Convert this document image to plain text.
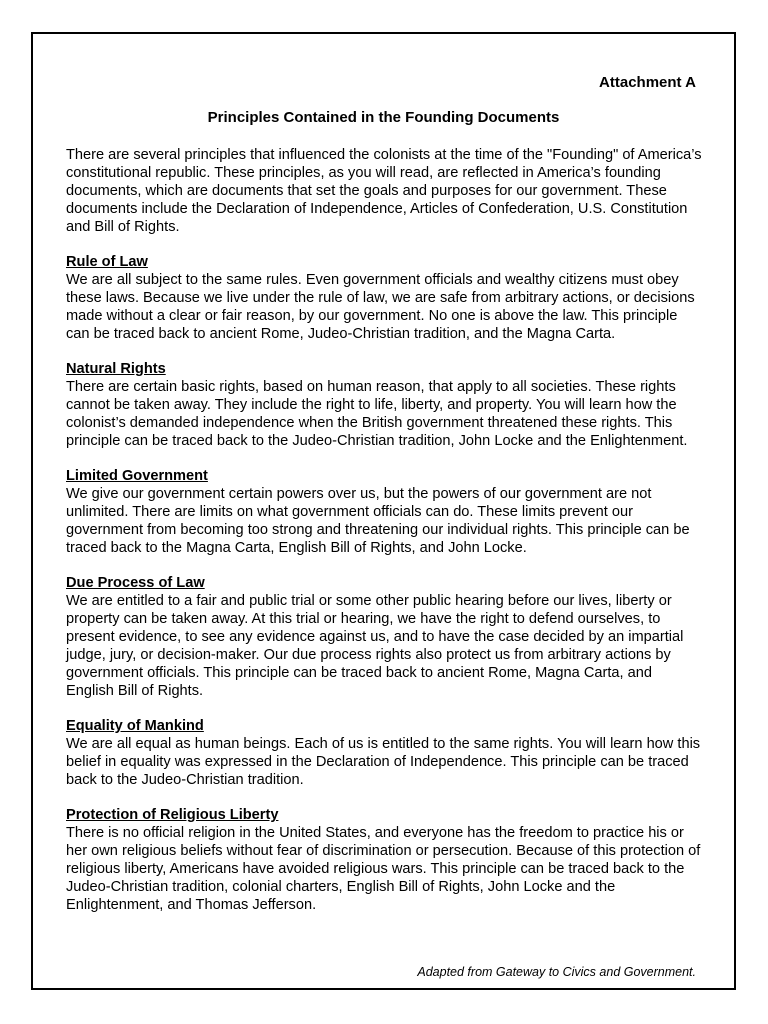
Attachment A
Principles Contained in the Founding Documents

There are several principles that influenced the colonists at the time of the "Founding" of America’s constitutional republic. These principles, as you will read, are reflected in America’s founding documents, which are documents that set the goals and purposes for our government. These documents include the Declaration of Independence, Articles of Confederation, U.S. Constitution and Bill of Rights.

Rule of Law

We are all subject to the same rules. Even government officials and wealthy citizens must obey these laws. Because we live under the rule of law, we are safe from arbitrary actions, or decisions made without a clear or fair reason, by our government. No one is above the law. This principle can be traced back to ancient Rome, Judeo-Christian tradition, and the Magna Carta.

Natural Rights

There are certain basic rights, based on human reason, that apply to all societies. These rights cannot be taken away. They include the right to life, liberty, and property. You will learn how the colonist’s demanded independence when the British government threatened these rights. This principle can be traced back to the Judeo-Christian tradition, John Locke and the Enlightenment.

Limited Government

We give our government certain powers over us, but the powers of our government are not unlimited. There are limits on what government officials can do. These limits prevent our government from becoming too strong and threatening our individual rights. This principle can be traced back to the Magna Carta, English Bill of Rights, and John Locke.

Due Process of Law

We are entitled to a fair and public trial or some other public hearing before our lives, liberty or property can be taken away. At this trial or hearing, we have the right to defend ourselves, to present evidence, to see any evidence against us, and to have the case decided by an impartial judge, jury, or decision-maker. Our due process rights also protect us from arbitrary actions by government officials. This principle can be traced back to ancient Rome, Magna Carta, and English Bill of Rights.

Equality of Mankind

We are all equal as human beings. Each of us is entitled to the same rights. You will learn how this belief in equality was expressed in the Declaration of Independence. This principle can be traced back to the Judeo-Christian tradition.

Protection of Religious Liberty

There is no official religion in the United States, and everyone has the freedom to practice his or her own religious beliefs without fear of discrimination or persecution. Because of this protection of religious liberty, Americans have avoided religious wars. This principle can be traced back to the Judeo-Christian tradition, colonial charters, English Bill of Rights, John Locke and the Enlightenment, and Thomas Jefferson.

Adapted from Gateway to Civics and Government.
